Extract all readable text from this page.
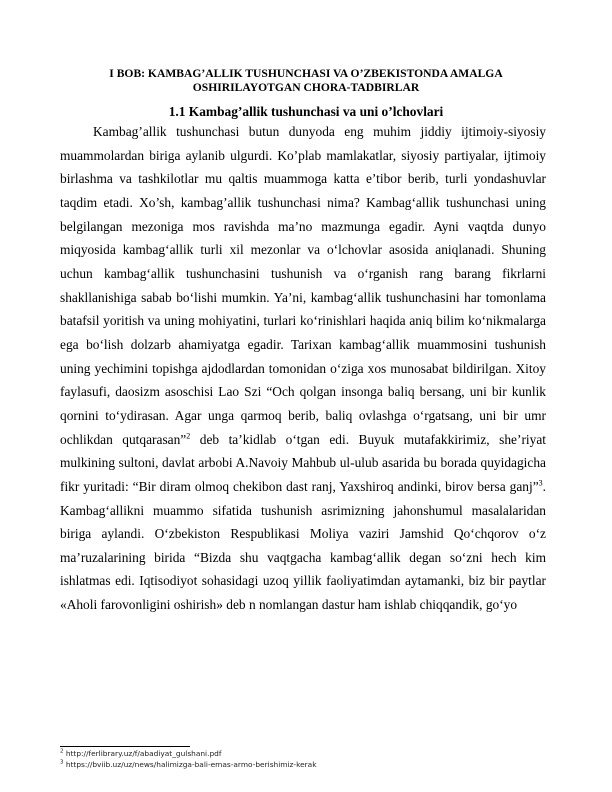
I BOB: KAMBAG’ALLIK TUSHUNCHASI VA O’ZBEKISTONDA AMALGA OSHIRILAYOTGAN CHORA-TADBIRLAR
1.1 Kambag’allik tushunchasi va uni o’lchovlari

Kambag’allik tushunchasi butun dunyoda eng muhim jiddiy ijtimoiy-siyosiy muammolardan biriga aylanib ulgurdi. Ko’plab mamlakatlar, siyosiy partiyalar, ijtimoiy birlashma va tashkilotlar mu qaltis muammoga katta e’tibor berib, turli yondashuvlar taqdim etadi. Xo’sh, kambag’allik tushunchasi nima? Kambag‘allik tushunchasi uning belgilangan mezoniga mos ravishda ma’no mazmunga egadir. Ayni vaqtda dunyo miqyosida kambag‘allik turli xil mezonlar va o‘lchovlar asosida aniqlanadi. Shuning uchun kambag‘allik tushunchasini tushunish va o‘rganish rang barang fikrlarni shakllanishiga sabab bo‘lishi mumkin. Ya’ni, kambag‘allik tushunchasini har tomonlama batafsil yoritish va uning mohiyatini, turlari ko‘rinishlari haqida aniq bilim ko‘nikmalarga ega bo‘lish dolzarb ahamiyatga egadir. Tarixan kambag‘allik muammosini tushunish uning yechimini topishga ajdodlardan tomonidan o‘ziga xos munosabat bildirilgan. Xitoy faylasufi, daosizm asoschisi Lao Szi “Och qolgan insonga baliq bersang, uni bir kunlik qornini to‘ydirasan. Agar unga qarmoq berib, baliq ovlashga o‘rgatsang, uni bir umr ochlikdan qutqarasan”$^2$ deb ta’kidlab o‘tgan edi. Buyuk mutafakkirimiz, she’riyat mulkining sultoni, davlat arbobi A.Navoiy Mahbub ul-ulub asarida bu borada quyidagicha fikr yuritadi: “Bir diram olmoq chekibon dast ranj, Yaxshiroq andinki, birov bersa ganj”$^3$. Kambag‘allikni muammo sifatida tushunish asrimizning jahonshumul masalalaridan biriga aylandi. O‘zbekiston Respublikasi Moliya vaziri Jamshid Qo‘chqorov o‘z ma’ruzalarining birida “Bizda shu vaqtgacha kambag‘allik degan so‘zni hech kim ishlatmas edi. Iqtisodiyot sohasidagi uzoq yillik faoliyatimdan aytamanki, biz bir paytlar «Aholi farovonligini oshirish» deb n nomlangan dastur ham ishlab chiqqandik, go‘yo

$^2$ http://ferlibrary.uz/f/abadiyat_gulshani.pdf
$^3$ https://bviib.uz/uz/news/halimizga-bali-emas-armo-berishimiz-kerak
